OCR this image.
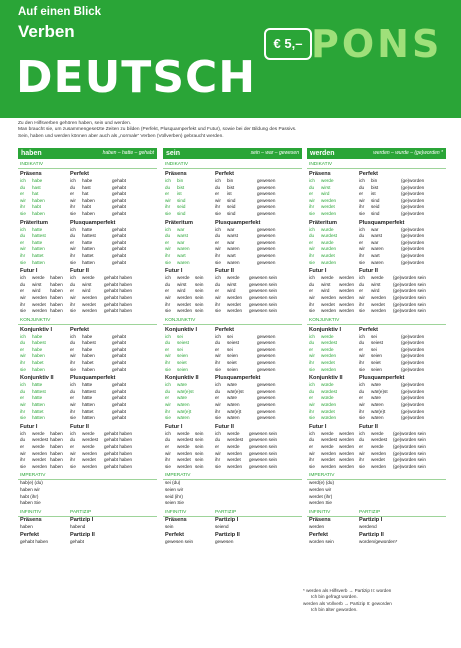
Auf einen Blick
Verben
DEUTSCH
€ 5,– PONS

Zu den Hilfsverben gehören haben, sein und werden.

Man braucht sie, um zusammengesetzte Zeiten zu bilden (Perfekt, Plusquamperfekt und Futur), sowie bei der Bildung des Passivs.

Sein, haben und werden können aber auch als „normale“ Verben (Vollverben) gebraucht werden.

haben	haben – hatte – gehabt
INDIKATIV
Präsens	Perfekt
ich habe	ich habe	gehabt
du hast	du hast	gehabt
er hat	er hat	gehabt
wir haben	wir haben	gehabt
ihr habt	ihr habt	gehabt
sie haben	sie haben	gehabt
Präteritum	Plusquamperfekt
ich hatte	ich hatte	gehabt
du hattest	du hattest	gehabt
er hatte	er hatte	gehabt
wir hatten	wir hatten	gehabt
ihr hattet	ihr hattet	gehabt
sie hatten	sie hatten	gehabt
Futur I	Futur II
ich werde haben ich werde gehabt haben
du wirst haben du wirst	gehabt haben
er wird haben er wird	gehabt haben
wir werden haben wir werden gehabt haben
ihr werdet haben ihr werdet gehabt haben
sie werden haben sie werden gehabt haben
KONJUNKTIV
Konjunktiv I	Perfekt
ich habe	ich habe	gehabt
du habest	du habest	gehabt
er habe	er habe	gehabt
wir haben	wir haben	gehabt
ihr habet	ihr habet	gehabt
sie haben	sie haben	gehabt
Konjunktiv II	Plusquamperfekt
ich hätte	ich hätte	gehabt
du hättest	du hättest	gehabt
er hätte	er hätte	gehabt
wir hätten	wir hätten	gehabt
ihr hättet	ihr hättet	gehabt
sie hätten	sie hätten	gehabt
Futur I	Futur II
ich werde haben ich werde gehabt haben
du werdest haben du werdest gehabt haben
er werde haben er werde gehabt haben
wir werden haben wir werden gehabt haben
ihr werdet haben ihr werdet gehabt haben
sie werden haben sie werden gehabt haben
IMPERATIV
hab(e) (du)
haben wir
habt (ihr)
haben Sie
INFINITIV	PARTIZIP
Präsens	Partizip I
haben	habend
Perfekt	Partizip II
gehabt haben	gehabt
sein	sein – war – gewesen
INDIKATIV
Präsens	Perfekt
ich bin	ich bin	gewesen
du bist	du bist	gewesen
er ist	er ist	gewesen
wir sind	wir sind	gewesen
ihr seid	ihr seid	gewesen
sie sind	sie sind	gewesen
Präteritum	Plusquamperfekt
ich war	ich war	gewesen
du warst	du warst	gewesen
er war	er war	gewesen
wir waren	wir waren	gewesen
ihr wart	ihr wart	gewesen
sie waren	sie waren	gewesen
Futur I	Futur II
ich werde sein	ich werde gewesen sein
du wirst sein	du wirst	gewesen sein
er wird sein	er wird	gewesen sein
wir werden sein	wir werden gewesen sein
ihr werdet sein	ihr werdet gewesen sein
sie werden sein	sie werden gewesen sein
KONJUNKTIV
Konjunktiv I	Perfekt
ich sei	ich sei	gewesen
du seiest	du seiest	gewesen
er sei	er sei	gewesen
wir seien	wir seien	gewesen
ihr seiet	ihr seiet	gewesen
sie seien	sie seien	gewesen
Konjunktiv II	Plusquamperfekt
ich wäre	ich wäre	gewesen
du wär(e)st	du wär(e)st	gewesen
er wäre	er wäre	gewesen
wir wären	wir wären	gewesen
ihr wär(e)t	ihr wär(e)t	gewesen
sie wären	sie wären	gewesen
Futur I	Futur II
ich werde sein	ich werde gewesen sein
du werdest sein	du werdest gewesen sein
er werde sein	er werde gewesen sein
wir werden sein	wir werden gewesen sein
ihr werdet sein	ihr werdet gewesen sein
sie werden sein	sie werden gewesen sein
IMPERATIV
sei (du)
seien wir
seid (ihr)
seien Sie
INFINITIV	PARTIZIP
Präsens	Partizip I
sein	seiend
Perfekt	Partizip II
gewesen sein	gewesen
werden	werden – wurde – (ge)worden *
INDIKATIV
Präsens	Perfekt
ich werde	ich bin	(ge)worden
du wirst	du bist	(ge)worden
er wird	er ist	(ge)worden
wir werden	wir sind	(ge)worden
ihr werdet	ihr seid	(ge)worden
sie werden	sie sind	(ge)worden
Präteritum	Plusquamperfekt
ich wurde	ich war	(ge)worden
du wurdest	du warst	(ge)worden
er wurde	er war	(ge)worden
wir wurden	wir waren	(ge)worden
ihr wurdet	ihr wart	(ge)worden
sie wurden	sie waren	(ge)worden
Futur I	Futur II
ich werde werden ich werde (ge)worden sein
du wirst werden du wirst	(ge)worden sein
er wird werden er wird	(ge)worden sein
wir werden werden wir werden (ge)worden sein
ihr werdet werden ihr werdet (ge)worden sein
sie werden werden sie werden (ge)worden sein
KONJUNKTIV
Konjunktiv I	Perfekt
ich werde	ich sei	(ge)worden
du werdest	du seiest	(ge)worden
er werde	er sei	(ge)worden
wir werden	wir seien	(ge)worden
ihr werdet	ihr seiet	(ge)worden
sie werden	sie seien	(ge)worden
Konjunktiv II	Plusquamperfekt
ich würde	ich wäre	(ge)worden
du würdest	du wär(e)st	(ge)worden
er würde	er wäre	(ge)worden
wir würden	wir wären	(ge)worden
ihr würdet	ihr wär(e)t	(ge)worden
sie würden	sie wären	(ge)worden
Futur I	Futur II
ich werde werden ich werde (ge)worden sein
du werdest werden du werdest (ge)worden sein
er werde werden er werde (ge)worden sein
wir werden werden wir werden (ge)worden sein
ihr werdet werden ihr werdet (ge)worden sein
sie werden werden sie werden (ge)worden sein
IMPERATIV
werd(e) (du)
werden wir
werdet (ihr)
werden Sie
INFINITIV	PARTIZIP
Präsens	Partizip I
werden	werdend
Perfekt	Partizip II
worden sein	worden/geworden*
* werden als Hilfsverb → Partizip II: worden
Ich bin gefragt worden.
werden als Vollverb → Partizip II: geworden
Ich bin älter geworden.
